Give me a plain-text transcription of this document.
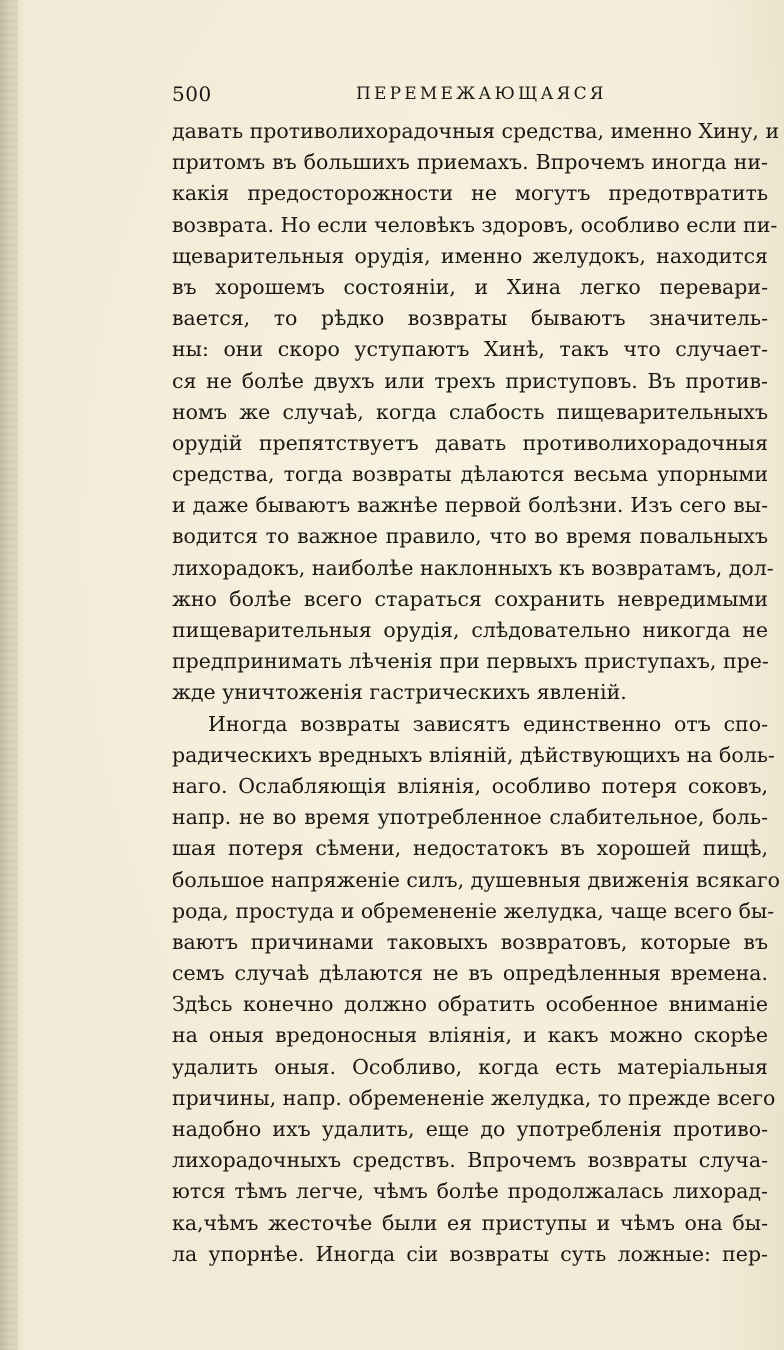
500	ПЕРЕМЕЖАЮЩАЯСЯ
давать противолихорадочныя средства, именно Хину, и
притомъ въ большихъ приемахъ. Впрочемъ иногда ни-
какія предосторожности не могутъ предотвратить
возврата. Но если человѣкъ здоровъ, особливо если пи-
щеварительныя орудія, именно желудокъ, находится
въ хорошемъ состояніи, и Хина легко перевари-
вается, то рѣдко возвраты бываютъ значитель-
ны: они скоро уступаютъ Хинѣ, такъ что случает-
ся не болѣе двухъ или трехъ приступовъ. Въ против-
номъ же случаѣ, когда слабость пищеварительныхъ
орудій препятствуетъ давать противолихорадочныя
средства, тогда возвраты дѣлаются весьма упорными
и даже бываютъ важнѣе первой болѣзни. Изъ сего вы-
водится то важное правило, что во время повальныхъ
лихорадокъ, наиболѣе наклонныхъ къ возвратамъ, дол-
жно болѣе всего стараться сохранить невредимыми
пищеварительныя орудія, слѣдовательно никогда не
предпринимать лѣченія при первыхъ приступахъ, пре-
жде уничтоженія гастрическихъ явленій.
Иногда возвраты зависятъ единственно отъ спо-
радическихъ вредныхъ вліяній, дѣйствующихъ на боль-
наго. Ослабляющія вліянія, особливо потеря соковъ,
напр. не во время употребленное слабительное, боль-
шая потеря сѣмени, недостатокъ въ хорошей пищѣ,
большое напряженіе силъ, душевныя движенія всякаго
рода, простуда и обремененіе желудка, чаще всего бы-
ваютъ причинами таковыхъ возвратовъ, которые въ
семъ случаѣ дѣлаются не въ опредѣленныя времена.
Здѣсь конечно должно обратить особенное вниманіе
на оныя вредоносныя вліянія, и какъ можно скорѣе
удалить оныя. Особливо, когда есть матеріальныя
причины, напр. обремененіе желудка, то прежде всего
надобно ихъ удалить, еще до употребленія противо-
лихорадочныхъ средствъ. Впрочемъ возвраты случа-
ются тѣмъ легче, чѣмъ болѣе продолжалась лихорад-
ка,чѣмъ жесточѣе были ея приступы и чѣмъ она бы-
ла упорнѣе. Иногда сіи возвраты суть ложные: пер-
